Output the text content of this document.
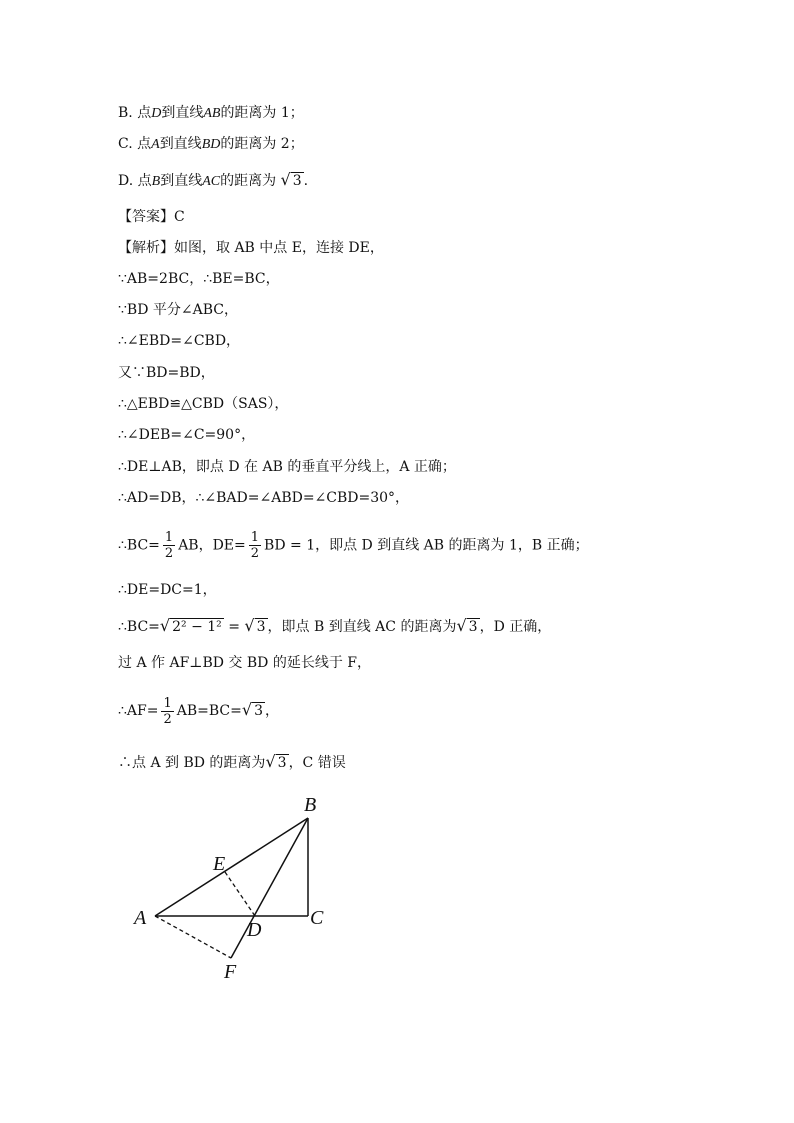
B. 点D到直线AB的距离为 1；
C. 点A到直线BD的距离为 2；
D. 点B到直线AC的距离为 √ 3 .
【答案】C
【解析】如图，取 AB 中点 E，连接 DE，
∵AB=2BC，∴BE=BC，
∵BD 平分∠ABC，
∴∠EBD=∠CBD，
又∵BD=BD，
∴△EBD≌△CBD（SAS），
∴∠DEB=∠C=90°，
∴DE⊥AB，即点 D 在 AB 的垂直平分线上，A 正确；
∴AD=DB，∴∠BAD=∠ABD=∠CBD=30°，
∴BC= $\frac{1}{2}$ AB，$DE= \frac{1}{2}$ BD = 1，即点 D 到直线 AB 的距离为 1，B 正确；
∴DE=DC=1，
∴BC=√ 2² − 1² = √ 3 ，即点 B 到直线 AC 的距离为√ 3 ，D 正确，
过 A 作 AF⊥BD 交 BD 的延长线于 F，
∴AF= $\frac{1}{2} AB=BC=√$ 3 ，
∴点 A 到 BD 的距离为√ 3 ，C 错误
A
B
C
D
E
F
